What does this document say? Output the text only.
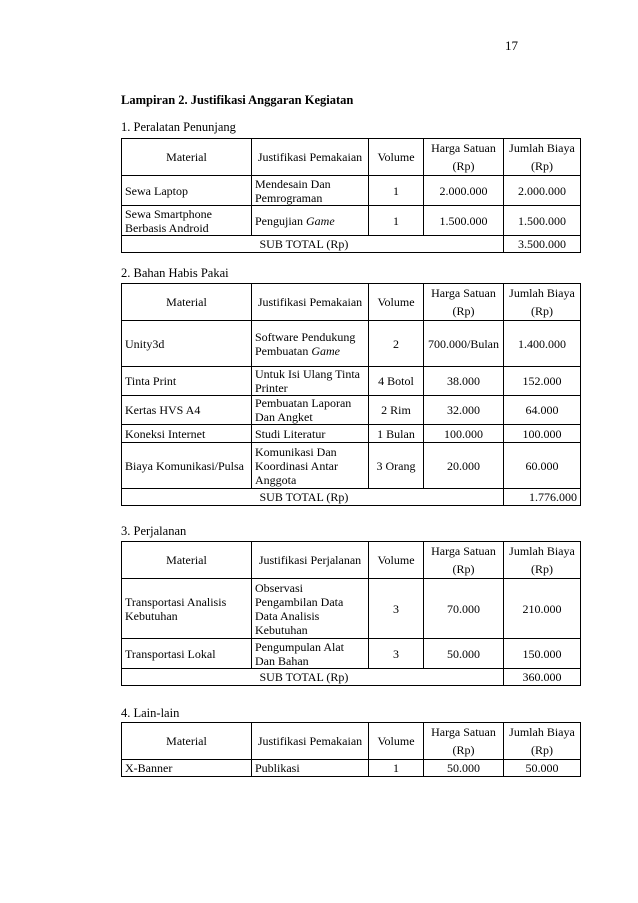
17
Lampiran 2. Justifikasi Anggaran Kegiatan
1. Peralatan Penunjang
Material	Justifikasi Pemakaian	Volume	Harga Satuan (Rp)	Jumlah Biaya (Rp)
Sewa Laptop	Mendesain Dan Pemrograman	1	2.000.000	2.000.000
Sewa Smartphone Berbasis Android	Pengujian Game	1	1.500.000	1.500.000
	SUB TOTAL (Rp)			3.500.000
2. Bahan Habis Pakai
Material	Justifikasi Pemakaian	Volume	Harga Satuan (Rp)	Jumlah Biaya (Rp)
Unity3d	Software Pendukung Pembuatan Game	2	700.000/Bulan	1.400.000
Tinta Print	Untuk Isi Ulang Tinta Printer	4 Botol	38.000	152.000
Kertas HVS A4	Pembuatan Laporan Dan Angket	2 Rim	32.000	64.000
Koneksi Internet	Studi Literatur	1 Bulan	100.000	100.000
Biaya Komunikasi/Pulsa	Komunikasi Dan Koordinasi Antar Anggota	3 Orang	20.000	60.000
	SUB TOTAL (Rp)			1.776.000
3. Perjalanan
Material	Justifikasi Perjalanan	Volume	Harga Satuan (Rp)	Jumlah Biaya (Rp)
Transportasi Analisis Kebutuhan	Observasi Pengambilan Data Data Analisis Kebutuhan	3	70.000	210.000
Transportasi Lokal	Pengumpulan Alat Dan Bahan	3	50.000	150.000
	SUB TOTAL (Rp)			360.000
4. Lain-lain
Material	Justifikasi Pemakaian	Volume	Harga Satuan (Rp)	Jumlah Biaya (Rp)
X-Banner	Publikasi	1	50.000	50.000
